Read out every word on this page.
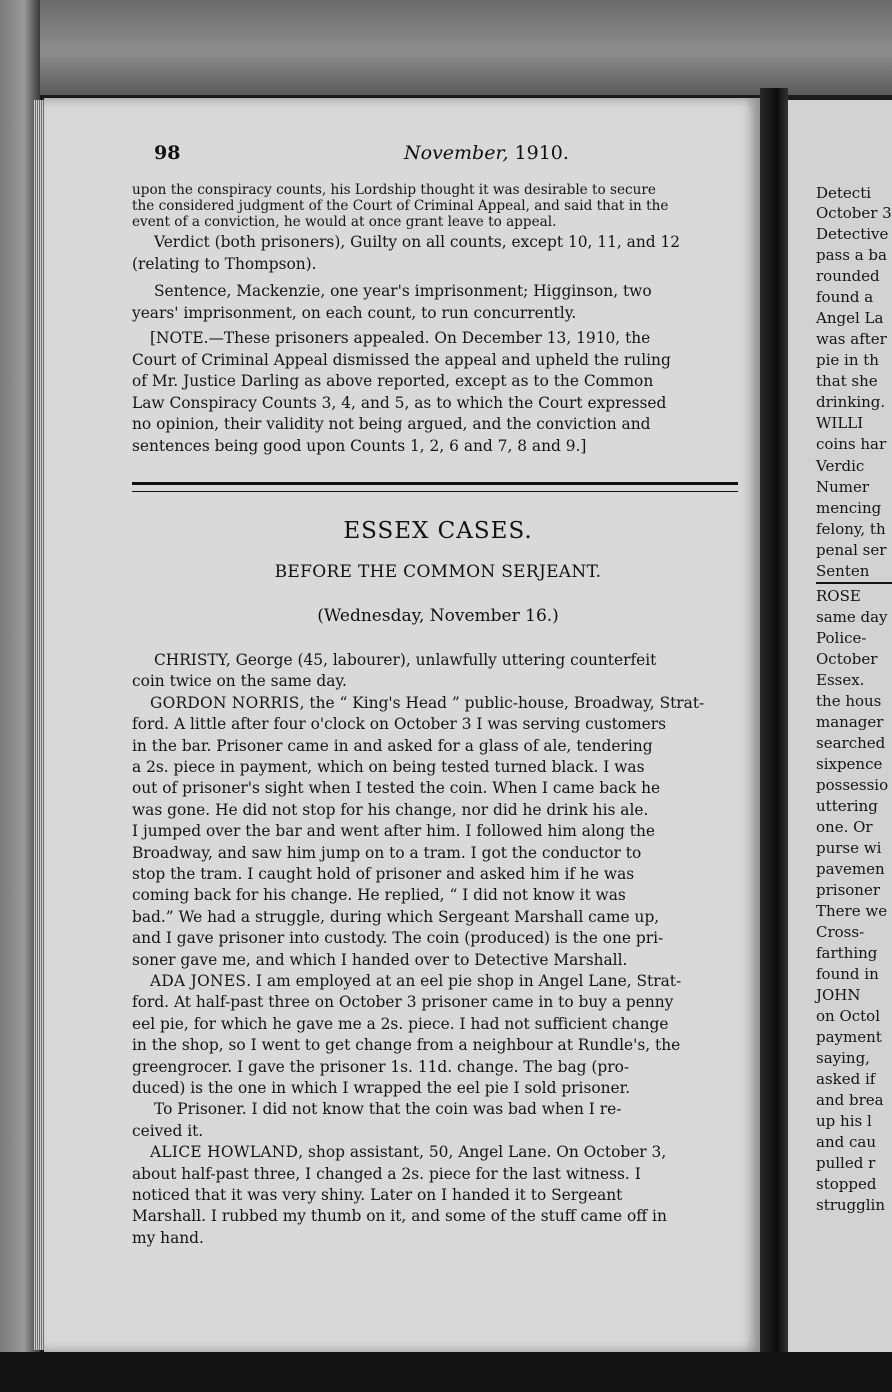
98	November, 1910.
upon the conspiracy counts, his Lordship thought it was desirable to secure
the considered judgment of the Court of Criminal Appeal, and said that in the
event of a conviction, he would at once grant leave to appeal.
Verdict (both prisoners), Guilty on all counts, except 10, 11, and 12
(relating to Thompson).
Sentence, Mackenzie, one year's imprisonment; Higginson, two
years' imprisonment, on each count, to run concurrently.
[NOTE.—These prisoners appealed. On December 13, 1910, the
Court of Criminal Appeal dismissed the appeal and upheld the ruling
of Mr. Justice Darling as above reported, except as to the Common
Law Conspiracy Counts 3, 4, and 5, as to which the Court expressed
no opinion, their validity not being argued, and the conviction and
sentences being good upon Counts 1, 2, 6 and 7, 8 and 9.]
ESSEX CASES.
BEFORE THE COMMON SERJEANT.
(Wednesday, November 16.)
CHRISTY, George (45, labourer), unlawfully uttering counterfeit
coin twice on the same day.
GORDON NORRIS, the “ King's Head ” public-house, Broadway, Strat-
ford. A little after four o'clock on October 3 I was serving customers
in the bar. Prisoner came in and asked for a glass of ale, tendering
a 2s. piece in payment, which on being tested turned black. I was
out of prisoner's sight when I tested the coin. When I came back he
was gone. He did not stop for his change, nor did he drink his ale.
I jumped over the bar and went after him. I followed him along the
Broadway, and saw him jump on to a tram. I got the conductor to
stop the tram. I caught hold of prisoner and asked him if he was
coming back for his change. He replied, “ I did not know it was
bad.” We had a struggle, during which Sergeant Marshall came up,
and I gave prisoner into custody. The coin (produced) is the one pri-
soner gave me, and which I handed over to Detective Marshall.
ADA JONES. I am employed at an eel pie shop in Angel Lane, Strat-
ford. At half-past three on October 3 prisoner came in to buy a penny
eel pie, for which he gave me a 2s. piece. I had not sufficient change
in the shop, so I went to get change from a neighbour at Rundle's, the
greengrocer. I gave the prisoner 1s. 11d. change. The bag (pro-
duced) is the one in which I wrapped the eel pie I sold prisoner.
To Prisoner. I did not know that the coin was bad when I re-
ceived it.
ALICE HOWLAND, shop assistant, 50, Angel Lane. On October 3,
about half-past three, I changed a 2s. piece for the last witness. I
noticed that it was very shiny. Later on I handed it to Sergeant
Marshall. I rubbed my thumb on it, and some of the stuff came off in
my hand.
Detecti
October 3
Detective
pass a ba
rounded
found a
Angel La
was after
pie in th
that she
drinking.
WILLI
coins har
Verdic
Numer
mencing
felony, th
penal ser
Senten
ROSE
same day
Police-
October
Essex.
the hous
manager
searched
sixpence
possessio
uttering
one. Or
purse wi
pavemen
prisoner
There we
Cross-
farthing
found in
JOHN
on Octol
payment
saying,
asked if
and brea
up his l
and cau
pulled r
stopped
strugglin
